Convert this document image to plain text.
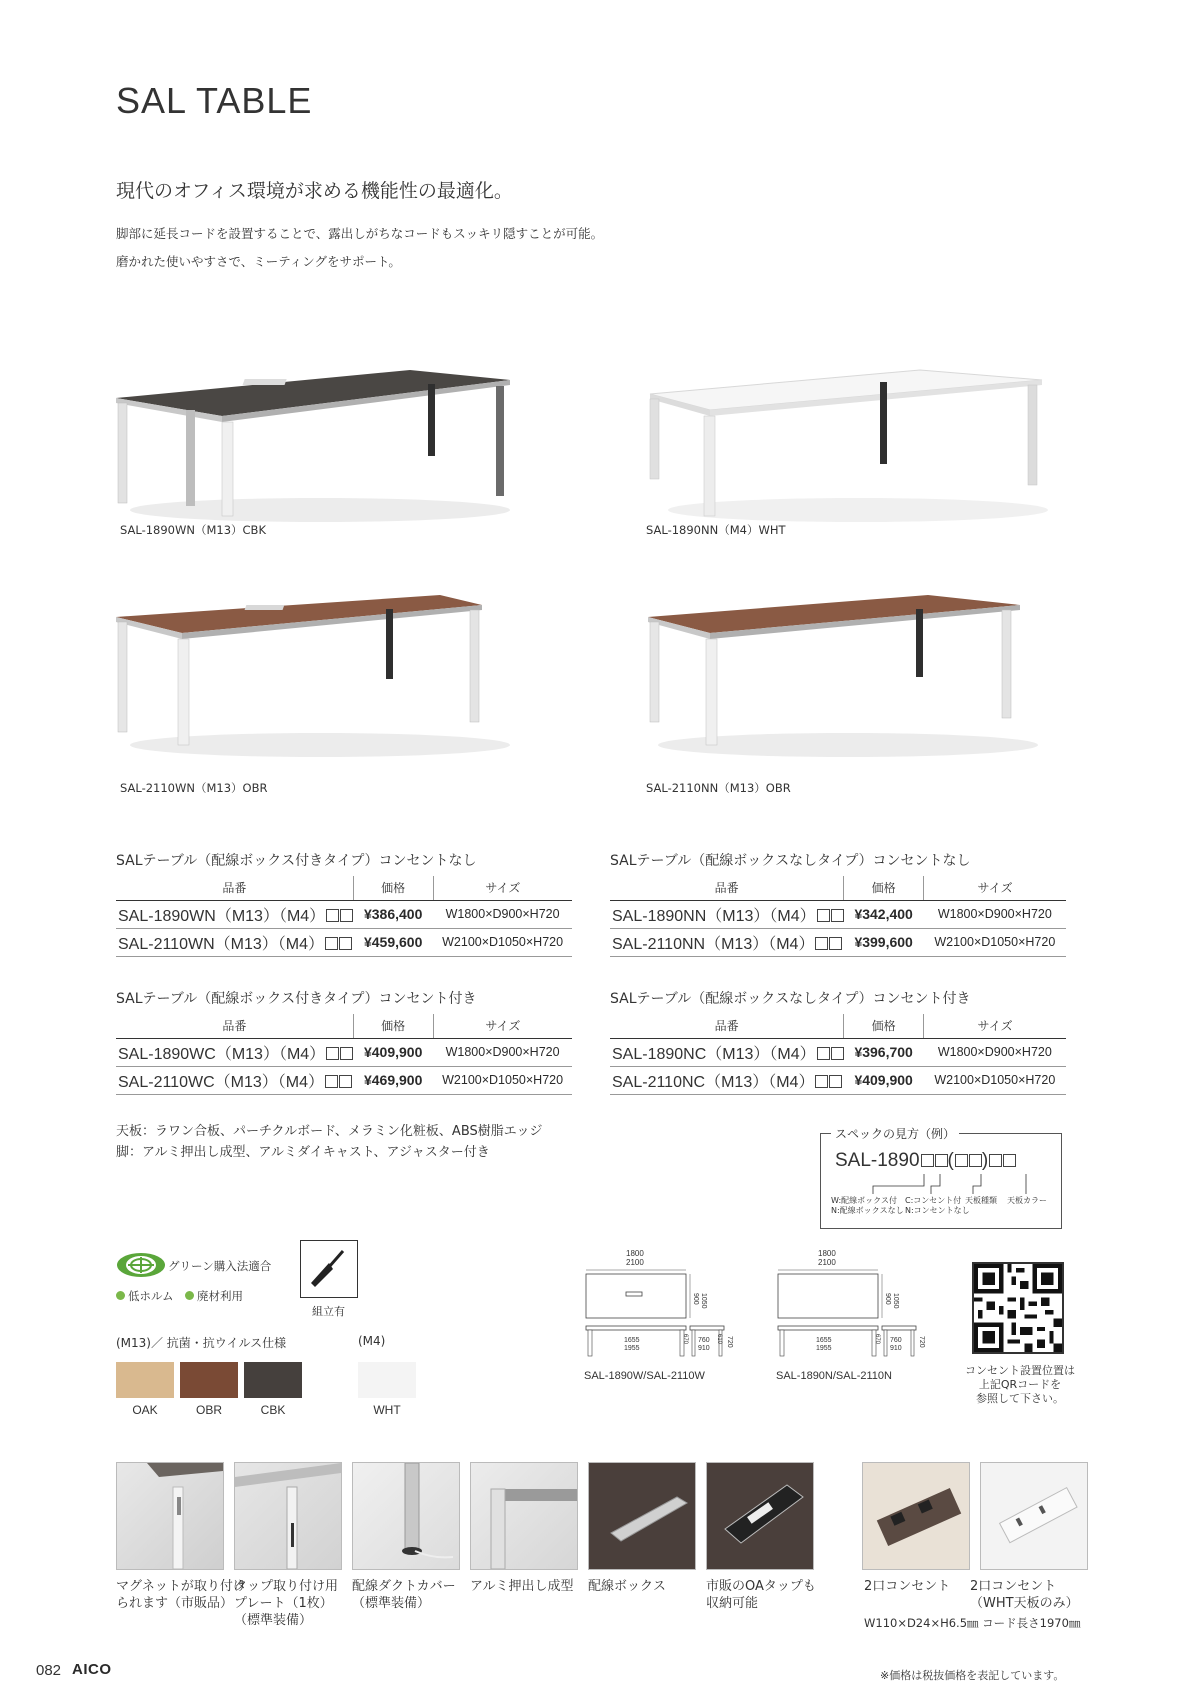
SAL TABLE
現代のオフィス環境が求める機能性の最適化。
脚部に延長コードを設置することで、露出しがちなコードもスッキリ隠すことが可能。
磨かれた使いやすさで、ミーティングをサポート。
SAL-1890WN（M13）CBK	SAL-1890NN（M4）WHT
SAL-2110WN（M13）OBR	SAL-2110NN（M13）OBR
SALテーブル（配線ボックス付きタイプ）コンセントなし
品番	価格	サイズ
SAL-1890WN（M13）（M4）	¥386,400	W1800×D900×H720
SAL-2110WN（M13）（M4）	¥459,600	W2100×D1050×H720
SALテーブル（配線ボックスなしタイプ）コンセントなし
品番	価格	サイズ
SAL-1890NN（M13）（M4）	¥342,400	W1800×D900×H720
SAL-2110NN（M13）（M4）	¥399,600	W2100×D1050×H720
SALテーブル（配線ボックス付きタイプ）コンセント付き
品番	価格	サイズ
SAL-1890WC（M13）（M4）	¥409,900	W1800×D900×H720
SAL-2110WC（M13）（M4）	¥469,900	W2100×D1050×H720
SALテーブル（配線ボックスなしタイプ）コンセント付き
品番	価格	サイズ
SAL-1890NC（M13）（M4）	¥396,700	W1800×D900×H720
SAL-2110NC（M13）（M4）	¥409,900	W2100×D1050×H720
天板：ラワン合板、パーチクルボード、メラミン化粧板、ABS樹脂エッジ
脚：アルミ押出し成型、アルミダイキャスト、アジャスター付き
スペックの見方（例）
SAL-1890 ( )
W:配線ボックス付
N:配線ボックスなし
C:コンセント付
N:コンセントなし
天板種類 天板カラー
グリーン購入法適合
低ホルム	廃材利用
組立有
(M13)／ 抗菌・抗ウイルス仕様	(M4)
OAK	OBR	CBK	WHT
1800
2100
900 1050
1655
1955
760
910
720
670	610
SAL-1890W/SAL-2110W
1800
2100
900 1050
1655
1955
760
910
670	720
SAL-1890N/SAL-2110N	コンセント設置位置は
上記QRコードを
参照して下さい。
マグネットが取り付け
られます（市販品）
タップ取り付け用
プレート（1枚）
（標準装備）
配線ダクトカバー
（標準装備）
アルミ押出し成型 配線ボックス	市販のOAタップも
収納可能
2口コンセント 2口コンセント
（WHT天板のみ）
W110×D24×H6.5㎜ コード長さ1970㎜
082 AICO	※価格は税抜価格を表記しています。
